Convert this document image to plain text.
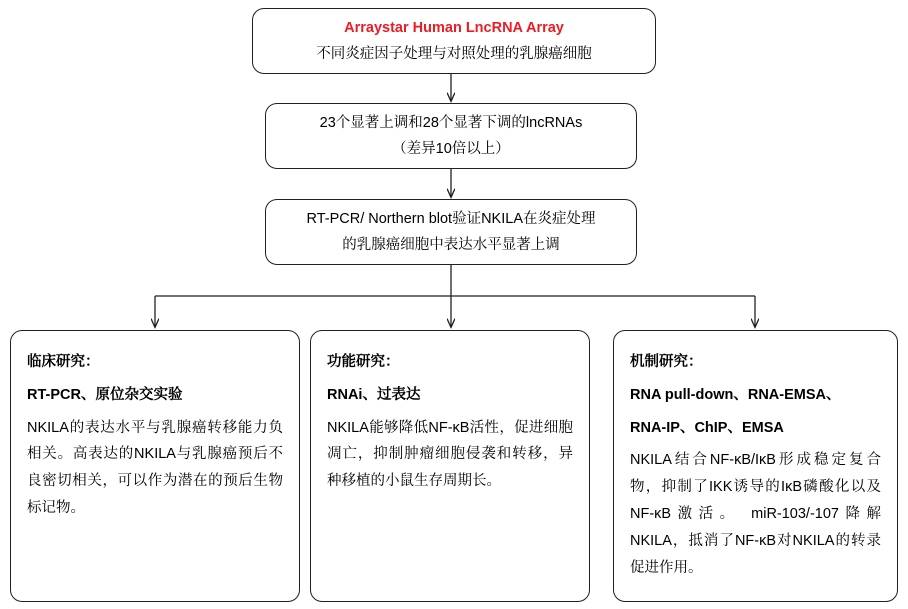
Arraystar Human LncRNA Array
不同炎症因子处理与对照处理的乳腺癌细胞
23个显著上调和28个显著下调的lncRNAs
（差异10倍以上）
RT-PCR/ Northern blot验证NKILA在炎症处理
的乳腺癌细胞中表达水平显著上调
临床研究：
RT-PCR、原位杂交实验
NKILA的表达水平与乳腺癌转移能力负相关。高表达的NKILA与乳腺癌预后不良密切相关，可以作为潜在的预后生物标记物。
功能研究：
RNAi、过表达
NKILA能够降低NF-κB活性，促进细胞凋亡，抑制肿瘤细胞侵袭和转移，异种移植的小鼠生存周期长。
机制研究：
RNA pull-down、RNA-EMSA、
RNA-IP、ChIP、EMSA
NKILA结合NF-κB/IκB形成稳定复合物，抑制了IKK诱导的IκB磷酸化以及NF-κB激活。 miR-103/-107降解NKILA，抵消了NF-κB对NKILA的转录促进作用。
